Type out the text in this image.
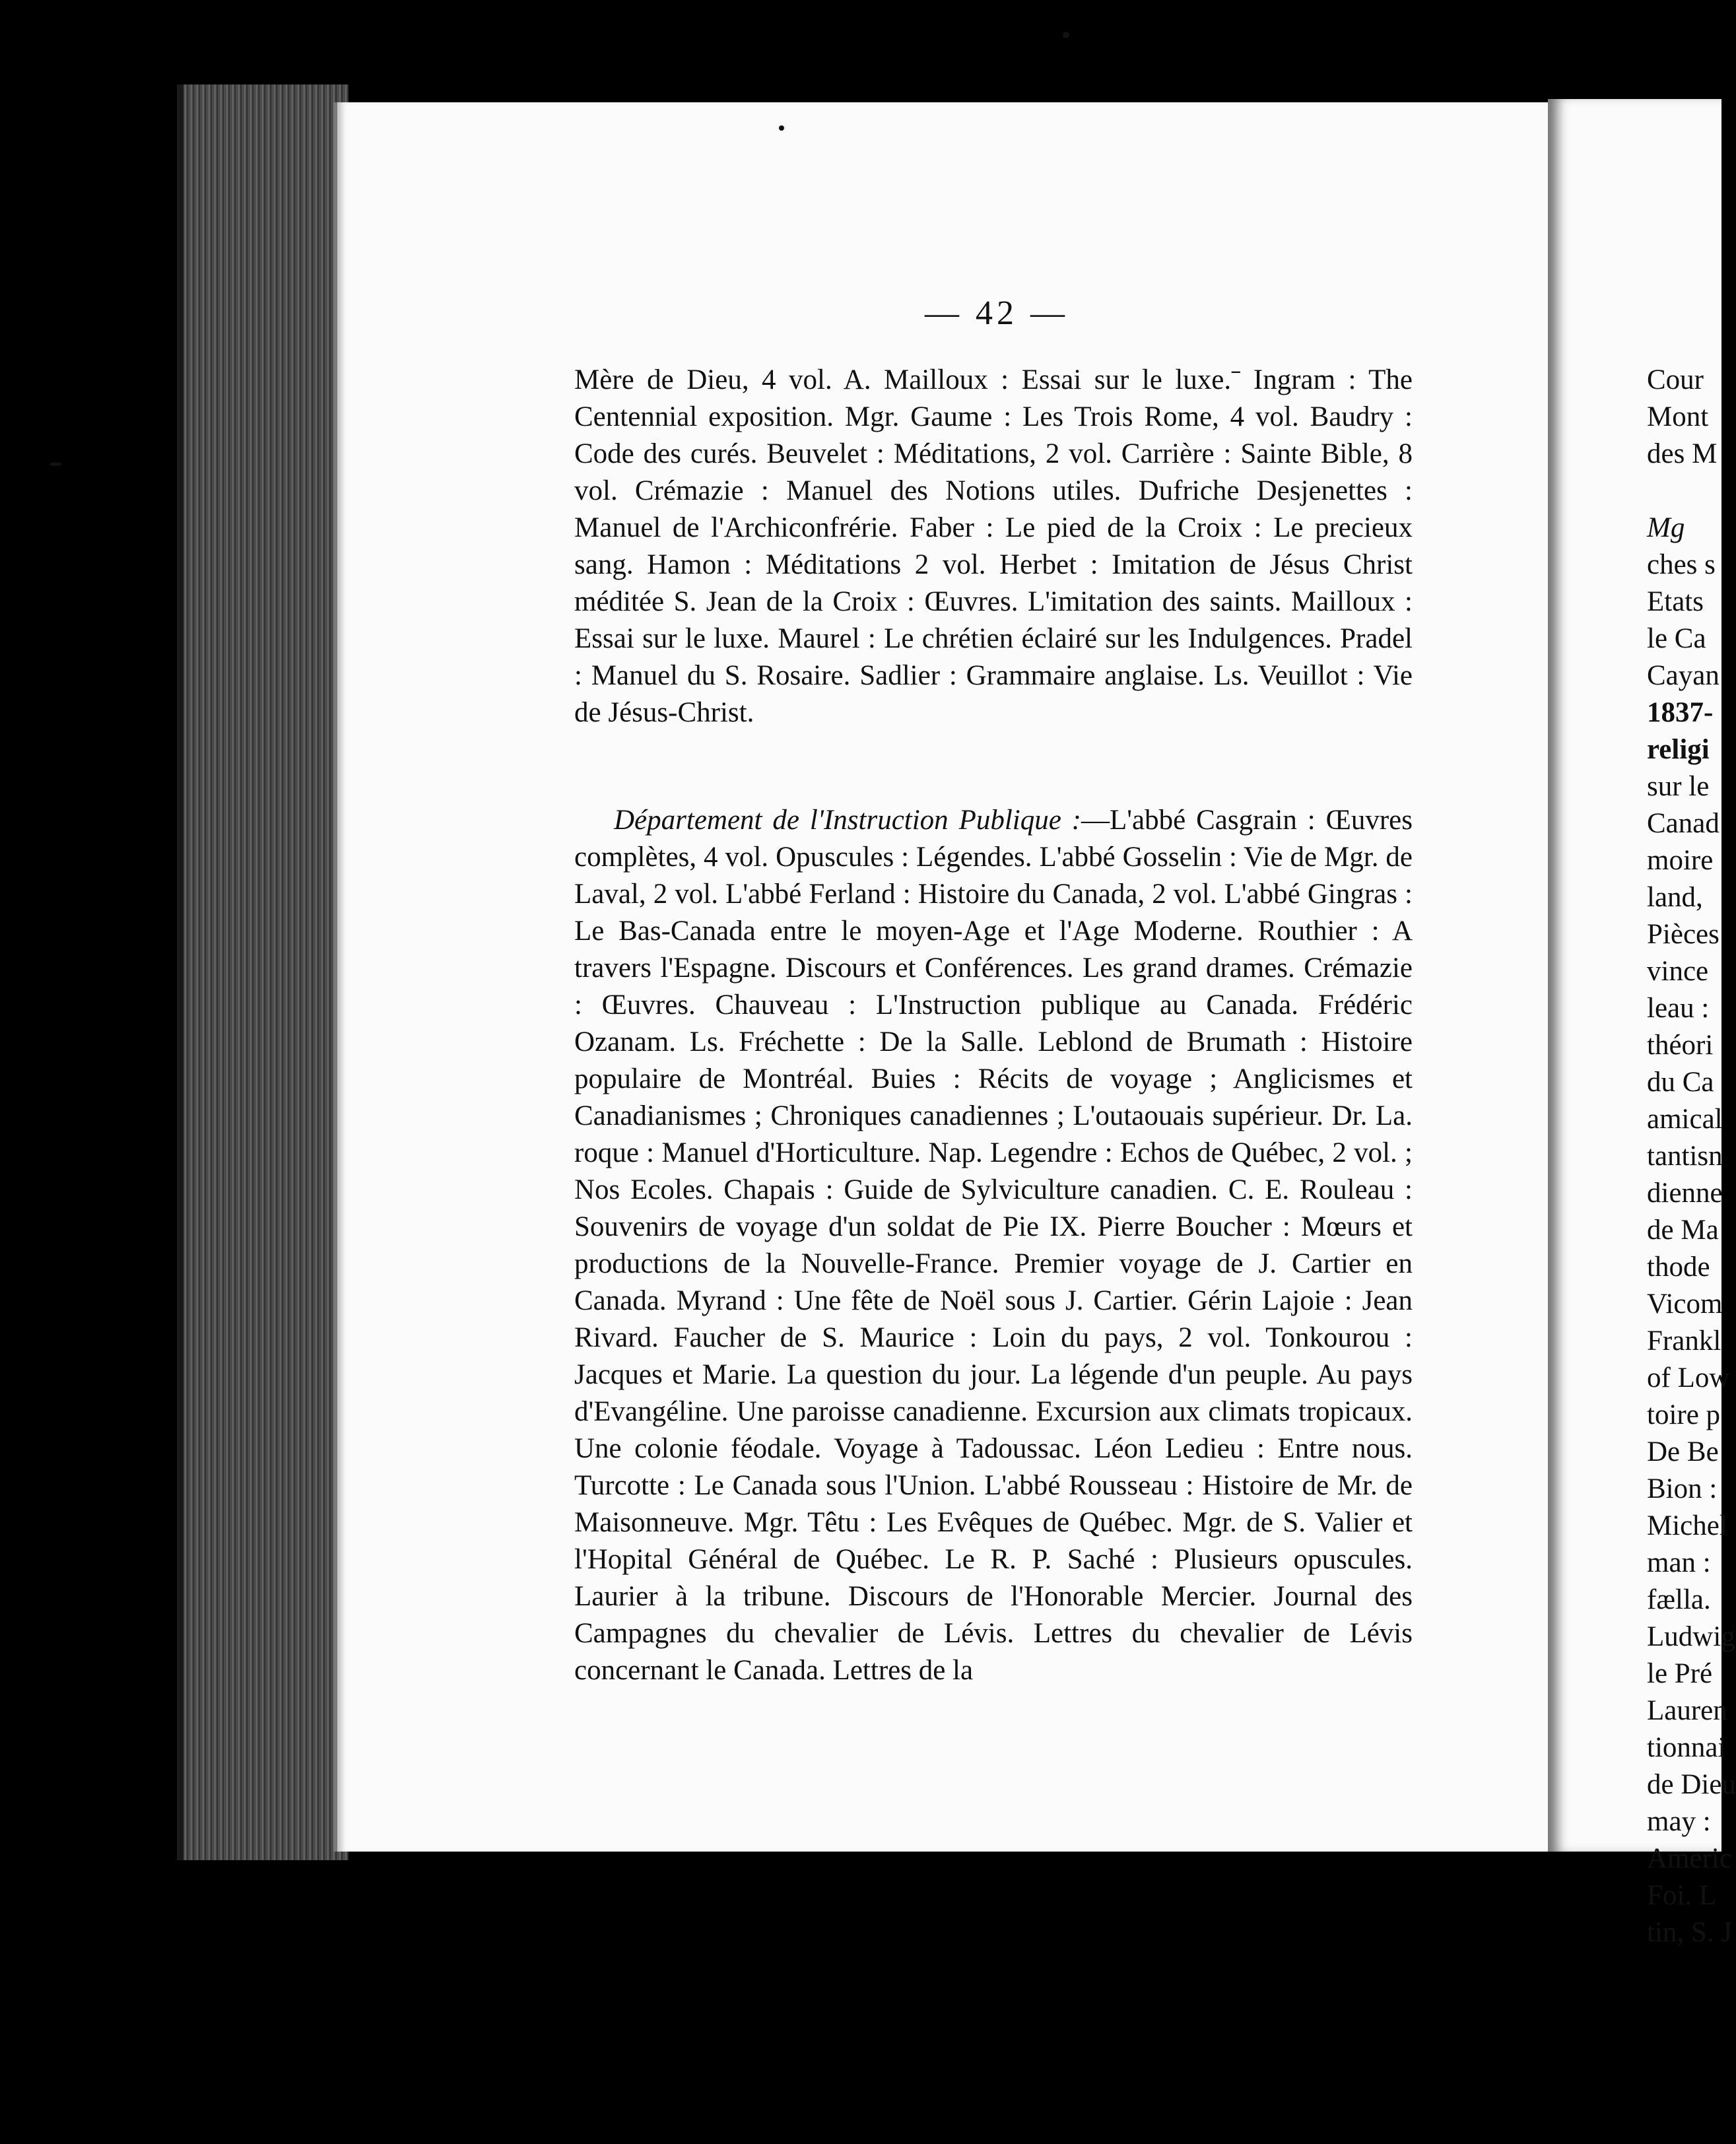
— 42 —
Mère de Dieu, 4 vol. A. Mailloux : Essai sur le luxe.ˉ Ingram : The Centennial exposition. Mgr. Gaume : Les Trois Rome, 4 vol. Baudry : Code des curés. Beuvelet : Méditations, 2 vol. Carrière : Sainte Bible, 8 vol. Crémazie : Manuel des Notions utiles. Dufriche Desjenettes : Manuel de l'Archiconfrérie. Faber : Le pied de la Croix : Le precieux sang. Hamon : Méditations 2 vol. Herbet : Imitation de Jésus Christ méditée S. Jean de la Croix : Œuvres. L'imitation des saints. Mailloux : Essai sur le luxe. Maurel : Le chrétien éclairé sur les Indulgences. Pradel : Manuel du S. Rosaire. Sadlier : Grammaire anglaise. Ls. Veuillot : Vie de Jésus-Christ.
Département de l'Instruction Publique :—L'abbé Casgrain : Œuvres complètes, 4 vol. Opuscules : Légendes. L'abbé Gosselin : Vie de Mgr. de Laval, 2 vol. L'abbé Ferland : Histoire du Canada, 2 vol. L'abbé Gingras : Le Bas-Canada entre le moyen-Age et l'Age Moderne. Routhier : A travers l'Espagne. Discours et Conférences. Les grand drames. Crémazie : Œuvres. Chauveau : L'Instruction publique au Canada. Frédéric Ozanam. Ls. Fréchette : De la Salle. Leblond de Brumath : Histoire populaire de Montréal. Buies : Récits de voyage ; Anglicismes et Canadianismes ; Chroniques canadiennes ; L'outaouais supérieur. Dr. La. roque : Manuel d'Horticulture. Nap. Legendre : Echos de Québec, 2 vol. ; Nos Ecoles. Chapais : Guide de Sylviculture canadien. C. E. Rouleau : Souvenirs de voyage d'un soldat de Pie IX. Pierre Boucher : Mœurs et productions de la Nouvelle-France. Premier voyage de J. Cartier en Canada. Myrand : Une fête de Noël sous J. Cartier. Gérin Lajoie : Jean Rivard. Faucher de S. Maurice : Loin du pays, 2 vol. Tonkourou : Jacques et Marie. La question du jour. La légende d'un peuple. Au pays d'Evangéline. Une paroisse canadienne. Excursion aux climats tropicaux. Une colonie féodale. Voyage à Tadoussac. Léon Ledieu : Entre nous. Turcotte : Le Canada sous l'Union. L'abbé Rousseau : Histoire de Mr. de Maisonneuve. Mgr. Têtu : Les Evêques de Québec. Mgr. de S. Valier et l'Hopital Général de Québec. Le R. P. Saché : Plusieurs opuscules. Laurier à la tribune. Discours de l'Honorable Mercier. Journal des Campagnes du chevalier de Lévis. Lettres du chevalier de Lévis concernant le Canada. Lettres de la
Cour
Mont
des M
Mg
ches s
Etats
le Ca
Cayan
1837-
religi
sur le
Canad
moire
land,
Pièces
vince
leau :
théori
du Ca
amical
tantisn
dienne
de Ma
thode
Vicom
Frankl
of Low
toire p
De Be
Bion :
Michel
man :
fælla.
Ludwig
le Pré
Lauren
tionnai
de Dieu
may :
Americ
Foi. L
tin, S. J
